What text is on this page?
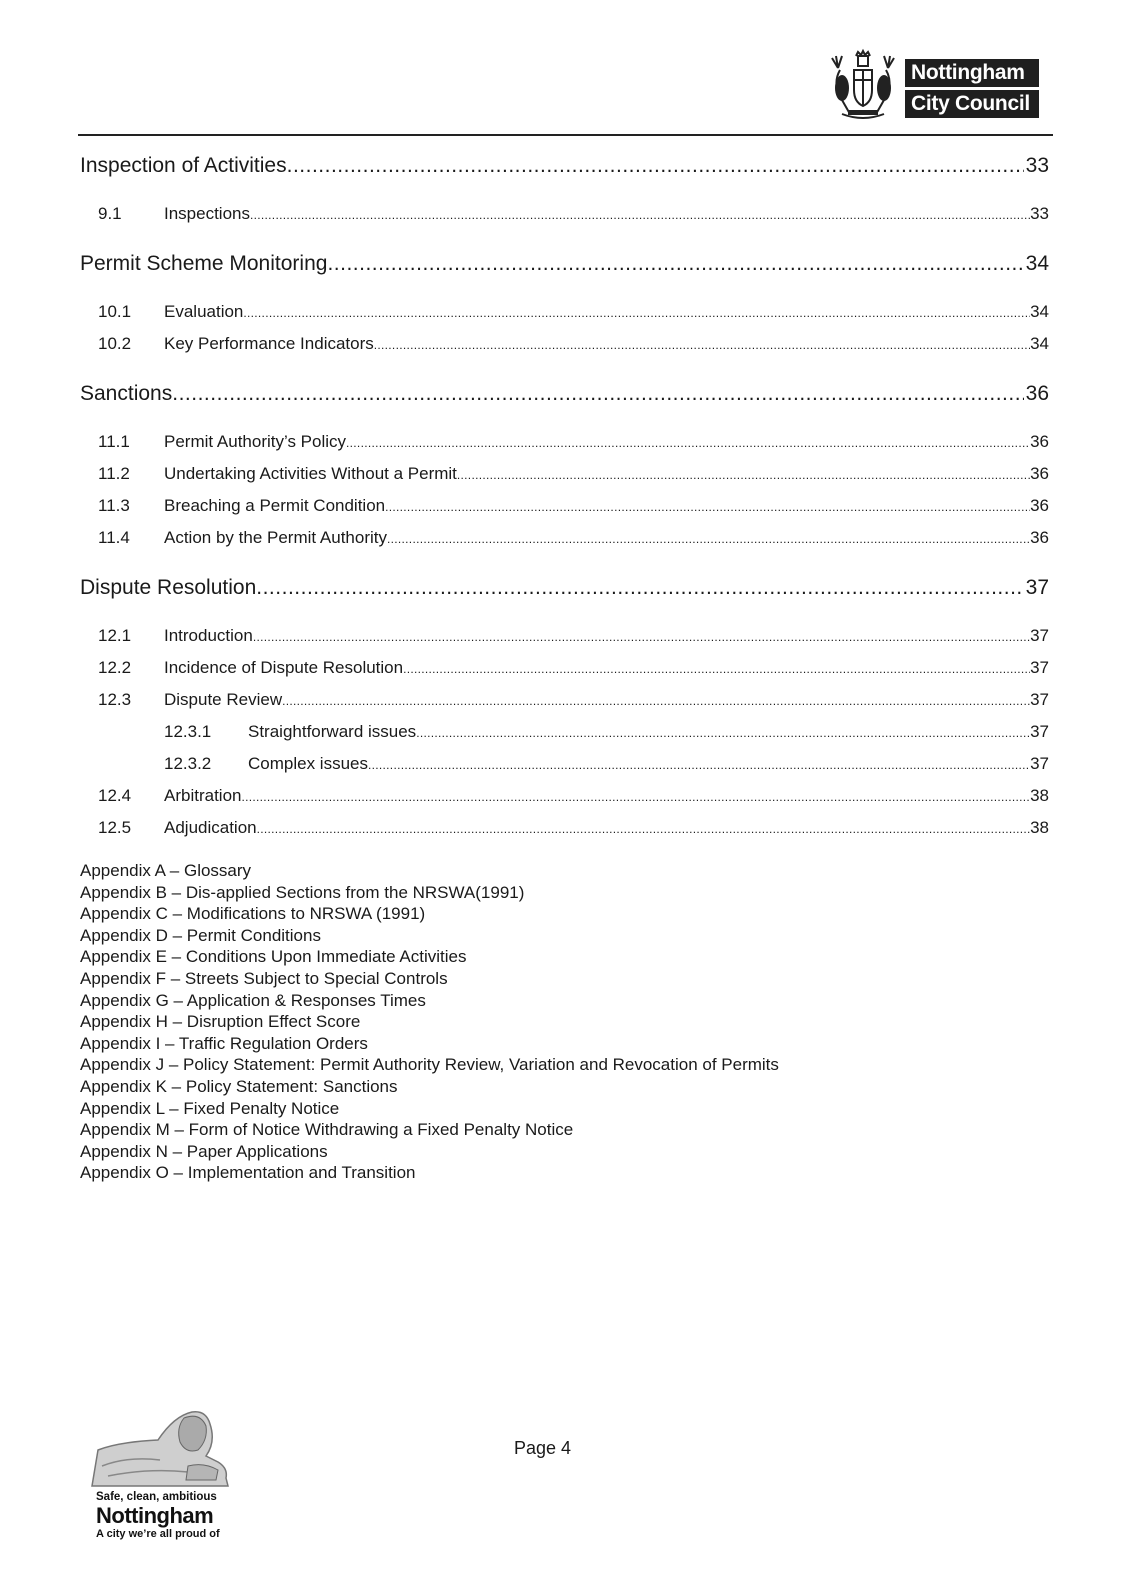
Nottingham
City Council
Inspection of Activities .....	33
9.1	Inspections .....	33
Permit Scheme Monitoring .....	34
10.1	Evaluation .....	34
10.2	Key Performance Indicators .....	34
Sanctions .....	36
11.1	Permit Authority’s Policy .....	36
11.2	Undertaking Activities Without a Permit .....	36
11.3	Breaching a Permit Condition .....	36
11.4	Action by the Permit Authority .....	36
Dispute Resolution .....	37
12.1	Introduction .....	37
12.2	Incidence of Dispute Resolution .....	37
12.3	Dispute Review .....	37
12.3.1	Straightforward issues .....	37
12.3.2	Complex issues .....	37
12.4	Arbitration .....	38
12.5	Adjudication .....	38
Appendix A – Glossary
Appendix B – Dis-applied Sections from the NRSWA(1991)
Appendix C – Modifications to NRSWA (1991)
Appendix D – Permit Conditions
Appendix E – Conditions Upon Immediate Activities
Appendix F – Streets Subject to Special Controls
Appendix G – Application & Responses Times
Appendix H – Disruption Effect Score
Appendix I – Traffic Regulation Orders
Appendix J – Policy Statement: Permit Authority Review, Variation and Revocation of Permits
Appendix K – Policy Statement: Sanctions
Appendix L – Fixed Penalty Notice
Appendix M – Form of Notice Withdrawing a Fixed Penalty Notice
Appendix N – Paper Applications
Appendix O – Implementation and Transition
Safe, clean, ambitious
Nottingham
A city we’re all proud of
Page 4
